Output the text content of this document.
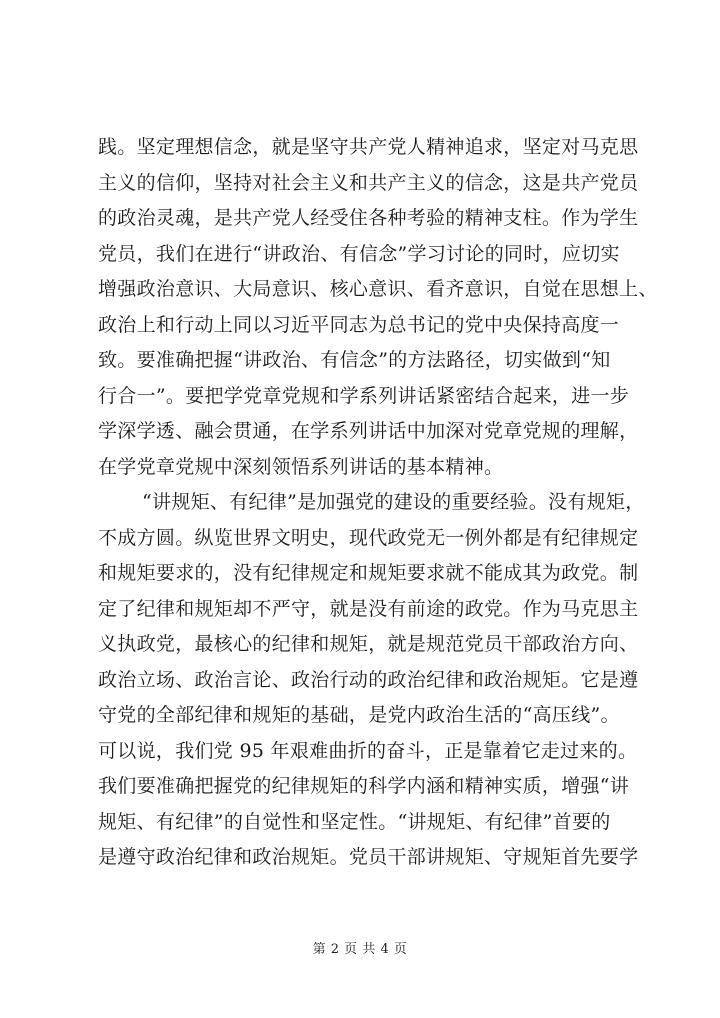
践。坚定理想信念，就是坚守共产党人精神追求，坚定对马克思
主义的信仰，坚持对社会主义和共产主义的信念，这是共产党员
的政治灵魂，是共产党人经受住各种考验的精神支柱。作为学生
党员，我们在进行“讲政治、有信念”学习讨论的同时，应切实
增强政治意识、大局意识、核心意识、看齐意识，自觉在思想上、
政治上和行动上同以习近平同志为总书记的党中央保持高度一
致。要准确把握“讲政治、有信念”的方法路径，切实做到“知
行合一”。要把学党章党规和学系列讲话紧密结合起来，进一步
学深学透、融会贯通，在学系列讲话中加深对党章党规的理解，
在学党章党规中深刻领悟系列讲话的基本精神。
“讲规矩、有纪律”是加强党的建设的重要经验。没有规矩，
不成方圆。纵览世界文明史，现代政党无一例外都是有纪律规定
和规矩要求的，没有纪律规定和规矩要求就不能成其为政党。制
定了纪律和规矩却不严守，就是没有前途的政党。作为马克思主
义执政党，最核心的纪律和规矩，就是规范党员干部政治方向、
政治立场、政治言论、政治行动的政治纪律和政治规矩。它是遵
守党的全部纪律和规矩的基础，是党内政治生活的“高压线”。
可以说，我们党 95 年艰难曲折的奋斗，正是靠着它走过来的。
我们要准确把握党的纪律规矩的科学内涵和精神实质，增强“讲
规矩、有纪律”的自觉性和坚定性。“讲规矩、有纪律”首要的
是遵守政治纪律和政治规矩。党员干部讲规矩、守规矩首先要学
第 2 页 共 4 页
